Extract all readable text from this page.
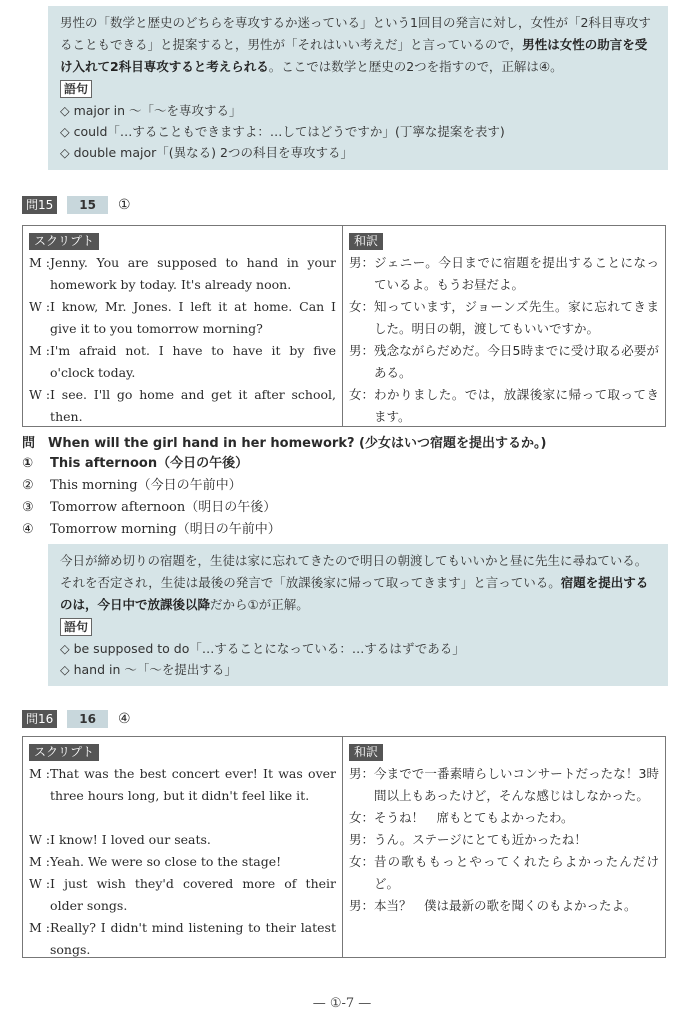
男性の「数学と歴史のどちらを専攻するか迷っている」という1回目の発言に対し，女性が「2科目専攻することもできる」と提案すると，男性が「それはいい考えだ」と言っているので，男性は女性の助言を受け入れて2科目専攻すると考えられる。ここでは数学と歴史の2つを指すので，正解は④。

語句

◇ major in ～「～を専攻する」

◇ could「…することもできますよ：…してはどうですか」(丁寧な提案を表す)

◇ double major「(異なる) 2つの科目を専攻する」

問15	15	①
スクリプト
M : Jenny. You are supposed to hand in your homework by today. It's already noon.
W : I know, Mr. Jones. I left it at home. Can I give it to you tomorrow morning?
M : I'm afraid not. I have to have it by five o'clock today.
W : I see. I'll go home and get it after school, then.
和訳
男： ジェニー。今日までに宿題を提出することになっているよ。もうお昼だよ。
女： 知っています，ジョーンズ先生。家に忘れてきました。明日の朝，渡してもいいですか。
男： 残念ながらだめだ。今日5時までに受け取る必要がある。
女： わかりました。では，放課後家に帰って取ってきます。
問　When will the girl hand in her homework? (少女はいつ宿題を提出するか。)
① This afternoon（今日の午後）
② This morning（今日の午前中）
③ Tomorrow afternoon（明日の午後）
④ Tomorrow morning（明日の午前中）

今日が締め切りの宿題を，生徒は家に忘れてきたので明日の朝渡してもいいかと昼に先生に尋ねている。それを否定され，生徒は最後の発言で「放課後家に帰って取ってきます」と言っている。宿題を提出するのは，今日中で放課後以降だから①が正解。

語句

◇ be supposed to do「…することになっている：…するはずである」

◇ hand in ～「～を提出する」

問16	16	④
スクリプト
M : That was the best concert ever! It was over three hours long, but it didn't feel like it.
W : I know! I loved our seats.
M : Yeah. We were so close to the stage!
W : I just wish they'd covered more of their older songs.
M : Really? I didn't mind listening to their latest songs.
和訳
男： 今までで一番素晴らしいコンサートだったな！3時間以上もあったけど，そんな感じはしなかった。
女： そうね！　席もとてもよかったわ。
男： うん。ステージにとても近かったね！
女： 昔の歌ももっとやってくれたらよかったんだけど。
男： 本当？　僕は最新の歌を聞くのもよかったよ。
— ①-7 —
